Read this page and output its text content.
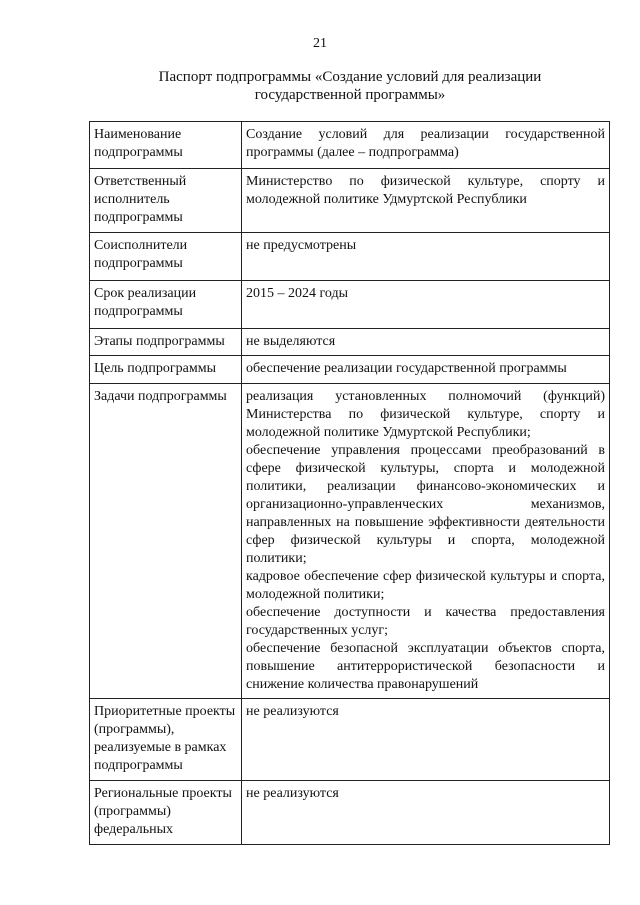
21
Паспорт подпрограммы «Создание условий для реализации
государственной программы»
Наименование подпрограммы	Создание условий для реализации государственной программы (далее – подпрограмма)

Ответственный исполнитель подпрограммы	Министерство по физической культуре, спорту и молодежной политике Удмуртской Республики

Соисполнители подпрограммы	не предусмотрены

Срок реализации подпрограммы	2015 – 2024 годы

Этапы подпрограммы	не выделяются

Цель подпрограммы	обеспечение реализации государственной программы

Задачи подпрограммы	реализация установленных полномочий (функций) Министерства по физической культуре, спорту и молодежной политике Удмуртской Республики;
обеспечение управления процессами преобразований в сфере физической культуры, спорта и молодежной политики, реализации финансово-экономических и организационно-управленческих механизмов, направленных на повышение эффективности деятельности сфер физической культуры и спорта, молодежной политики;
кадровое обеспечение сфер физической культуры и спорта, молодежной политики;
обеспечение доступности и качества предоставления государственных услуг;
обеспечение безопасной эксплуатации объектов спорта, повышение антитеррористической безопасности и снижение количества правонарушений

Приоритетные проекты (программы), реализуемые в рамках подпрограммы	не реализуются

Региональные проекты (программы) федеральных	не реализуются
